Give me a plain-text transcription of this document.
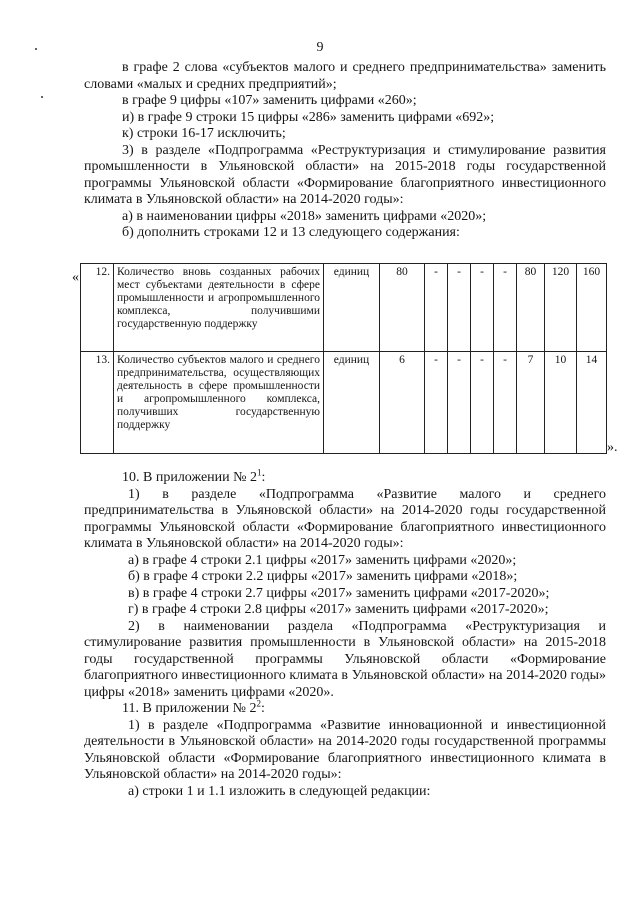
9

в графе 2 слова «субъектов малого и среднего предпринимательства» заменить словами «малых и средних предприятий»;

в графе 9 цифры «107» заменить цифрами «260»;

и) в графе 9 строки 15 цифры «286» заменить цифрами «692»;

к) строки 16-17 исключить;

3) в разделе «Подпрограмма «Реструктуризация и стимулирование развития промышленности в Ульяновской области» на 2015-2018 годы государственной программы Ульяновской области «Формирование благоприятного инвестиционного климата в Ульяновской области» на 2014-2020 годы»:

а) в наименовании цифры «2018» заменить цифрами «2020»;

б) дополнить строками 12 и 13 следующего содержания:

« 12.	Количество вновь созданных рабочих мест субъектами деятельности в сфере промышленности и агропромышленного комплекса, получившими государственную поддержку	единиц	80	-	-	-	-	80	120	160
13.	Количество субъектов малого и среднего предпринимательства, осуществляющих деятельность в сфере промышленности и агропромышленного комплекса, получивших государственную поддержку	единиц	6	-	-	-	-	7	10	14
».

10. В приложении № $2^1$:

1) в разделе «Подпрограмма «Развитие малого и среднего предпринимательства в Ульяновской области» на 2014-2020 годы государственной программы Ульяновской области «Формирование благоприятного инвестиционного климата в Ульяновской области» на 2014-2020 годы»:

а) в графе 4 строки 2.1 цифры «2017» заменить цифрами «2020»;

б) в графе 4 строки 2.2 цифры «2017» заменить цифрами «2018»;

в) в графе 4 строки 2.7 цифры «2017» заменить цифрами «2017-2020»;

г) в графе 4 строки 2.8 цифры «2017» заменить цифрами «2017-2020»;

2) в наименовании раздела «Подпрограмма «Реструктуризация и стимулирование развития промышленности в Ульяновской области» на 2015-2018 годы государственной программы Ульяновской области «Формирование благоприятного инвестиционного климата в Ульяновской области» на 2014-2020 годы» цифры «2018» заменить цифрами «2020».

11. В приложении № $2^2$:

1) в разделе «Подпрограмма «Развитие инновационной и инвестиционной деятельности в Ульяновской области» на 2014-2020 годы государственной программы Ульяновской области «Формирование благоприятного инвестиционного климата в Ульяновской области» на 2014-2020 годы»:

а) строки 1 и 1.1 изложить в следующей редакции:
